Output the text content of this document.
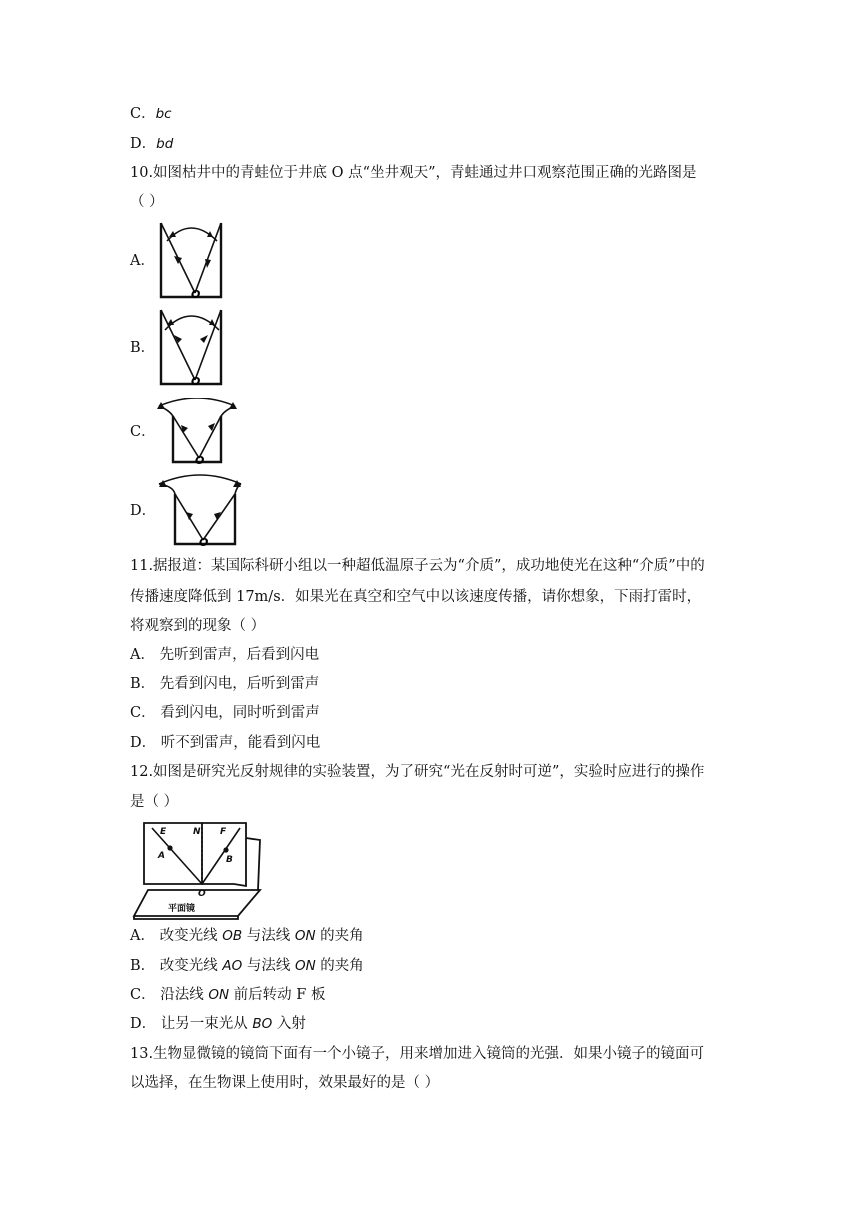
C．bc
D．bd
10.如图枯井中的青蛙位于井底 O 点“坐井观天”，青蛙通过井口观察范围正确的光路图是
（ ）
A．
O
B．
O
C．
O
D．
O
11.据报道：某国际科研小组以一种超低温原子云为“介质”，成功地使光在这种“介质”中的
传播速度降低到 17m/s．如果光在真空和空气中以该速度传播，请你想象，下雨打雷时，
将观察到的现象（ ）
A． 先听到雷声，后看到闪电
B． 先看到闪电，后听到雷声
C． 看到闪电，同时听到雷声
D． 听不到雷声，能看到闪电
12.如图是研究光反射规律的实验装置，为了研究“光在反射时可逆”，实验时应进行的操作
是（ ）
E	N F
A	B
O
平面镜
A． 改变光线 OB 与法线 ON 的夹角
B． 改变光线 AO 与法线 ON 的夹角
C． 沿法线 ON 前后转动 F 板
D． 让另一束光从 BO 入射
13.生物显微镜的镜筒下面有一个小镜子，用来增加进入镜筒的光强．如果小镜子的镜面可
以选择，在生物课上使用时，效果最好的是（ ）
